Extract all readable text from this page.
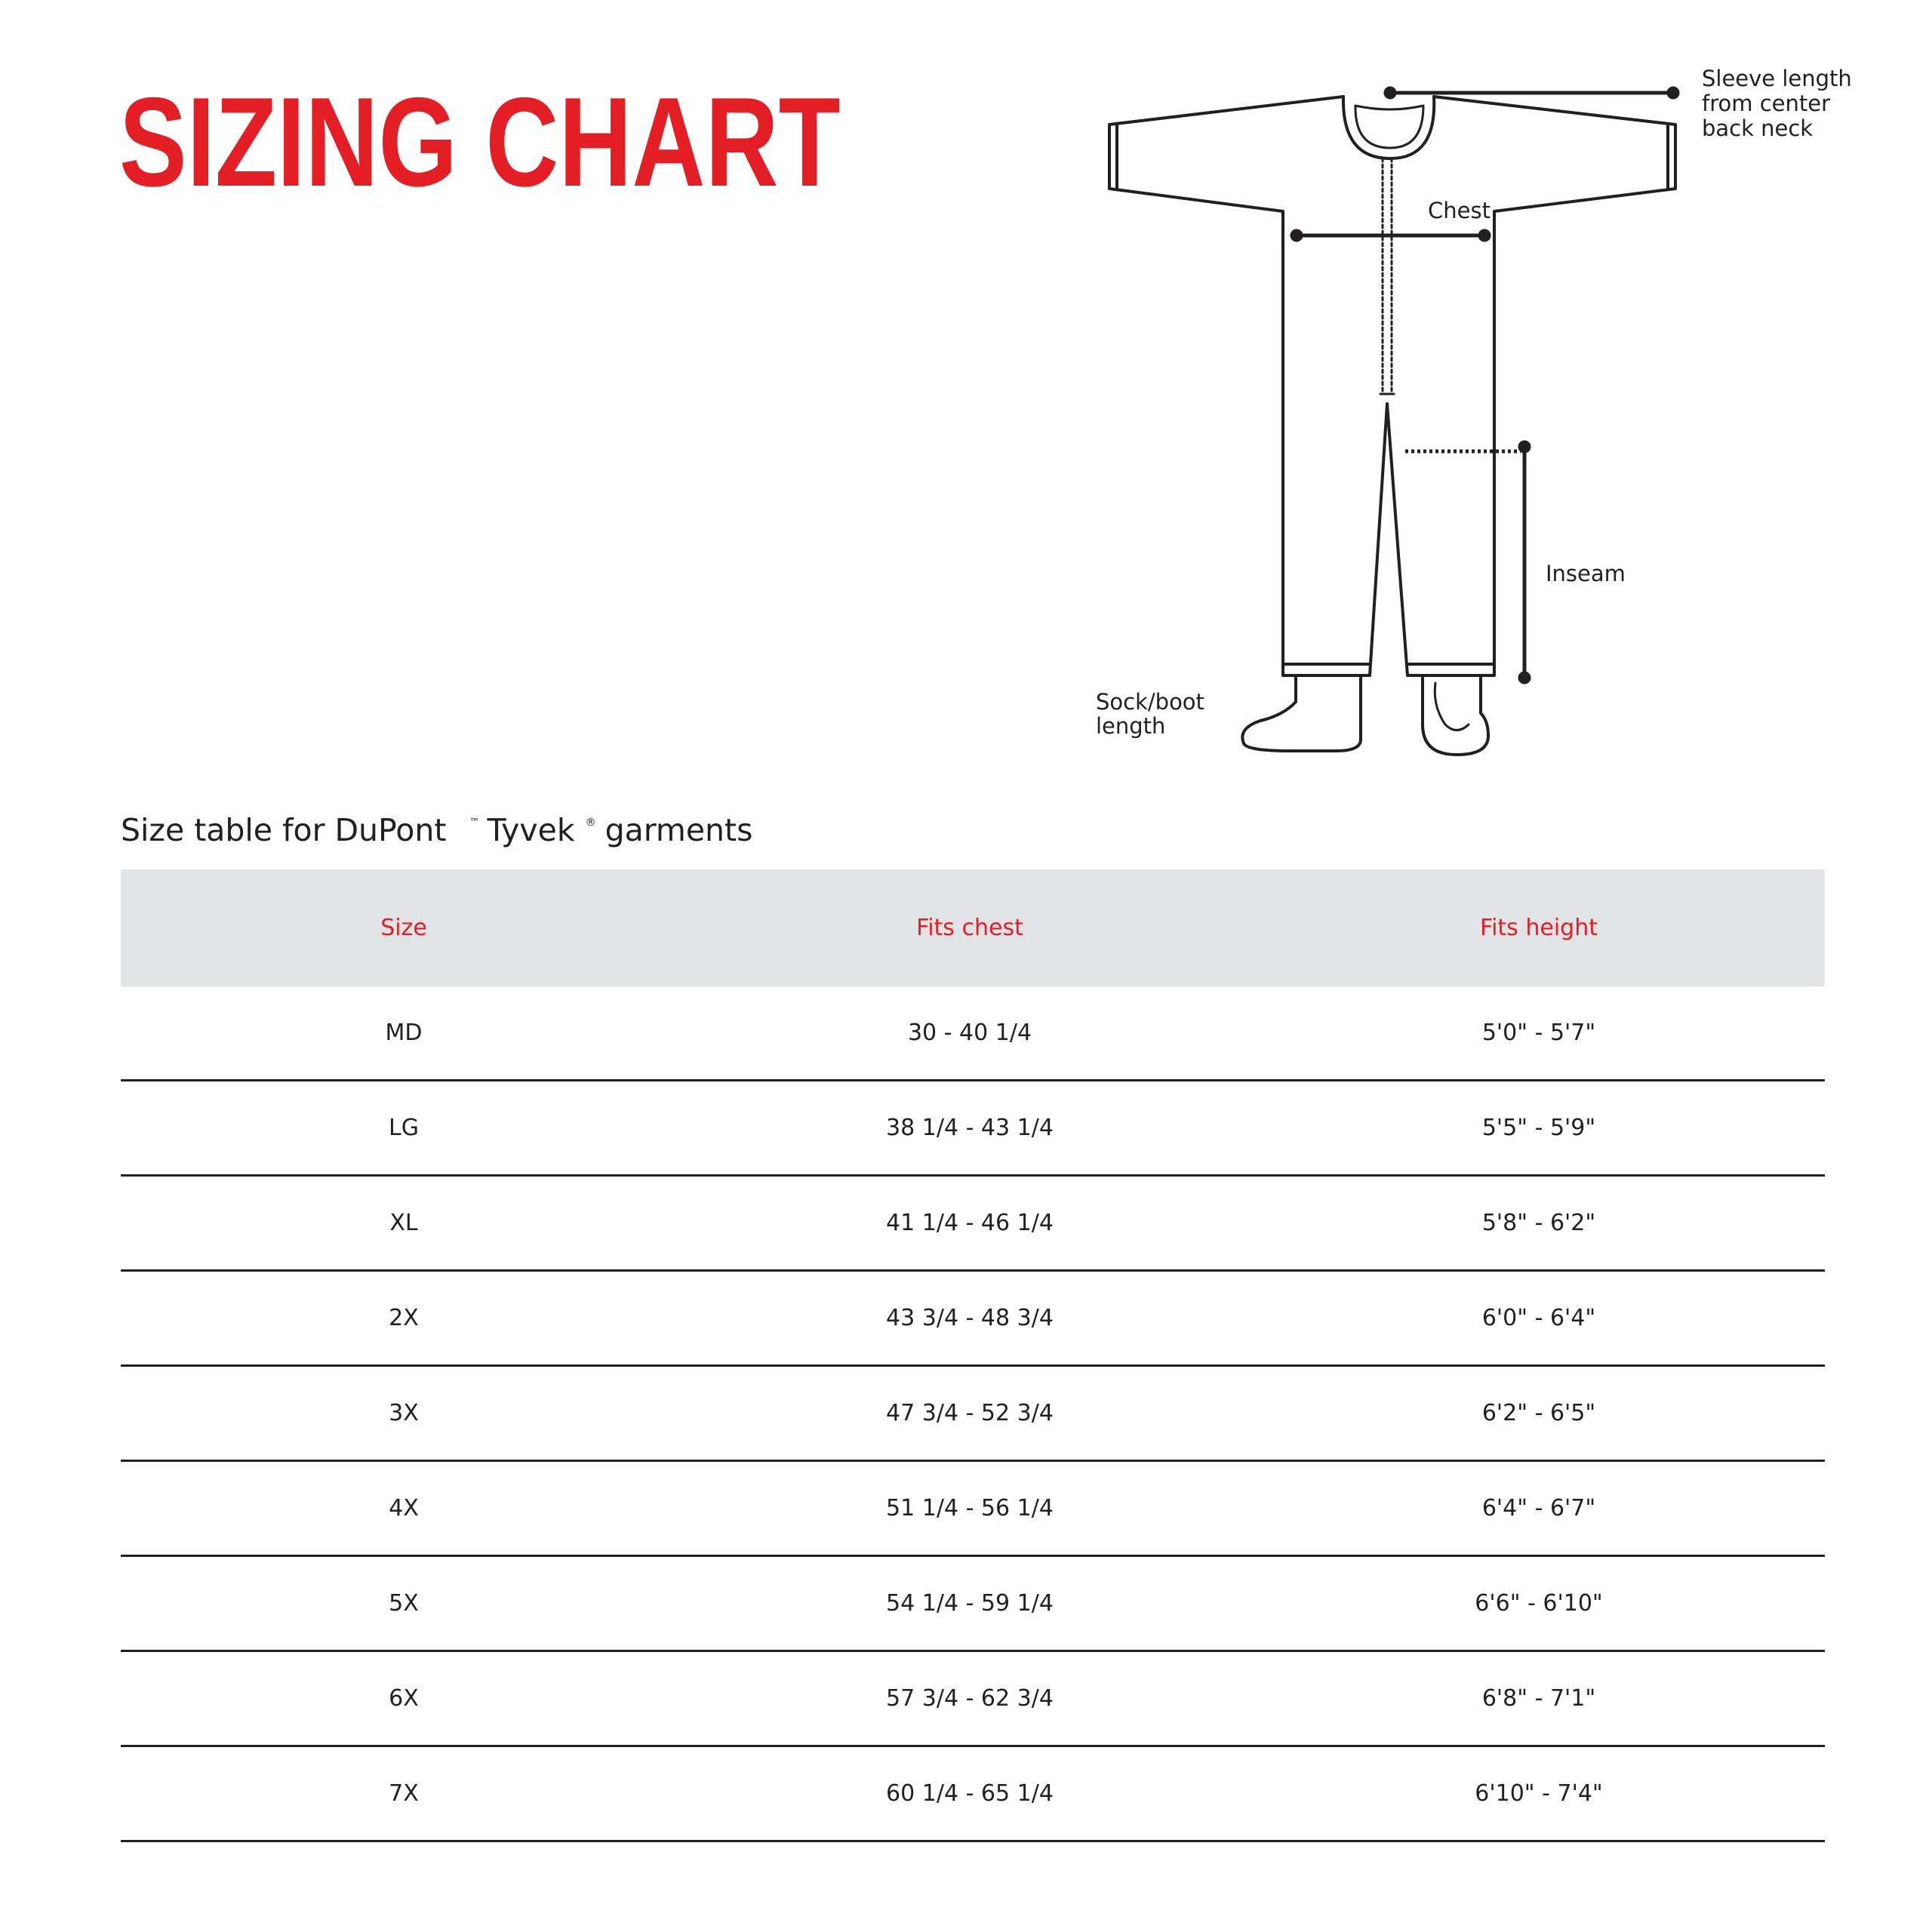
SIZING CHART	Sleeve length
from center
back neck
Chest
Inseam
Sock/boot
length
Size table for DuPont ™ Tyvek ® garments
Size	Fits chest	Fits height
MD	30 - 40 1/4	5'0" - 5'7"
LG	38 1/4 - 43 1/4	5'5" - 5'9"
XL	41 1/4 - 46 1/4	5'8" - 6'2"
2X	43 3/4 - 48 3/4	6'0" - 6'4"
3X	47 3/4 - 52 3/4	6'2" - 6'5"
4X	51 1/4 - 56 1/4	6'4" - 6'7"
5X	54 1/4 - 59 1/4	6'6" - 6'10"
6X	57 3/4 - 62 3/4	6'8" - 7'1"
7X	60 1/4 - 65 1/4	6'10" - 7'4"
